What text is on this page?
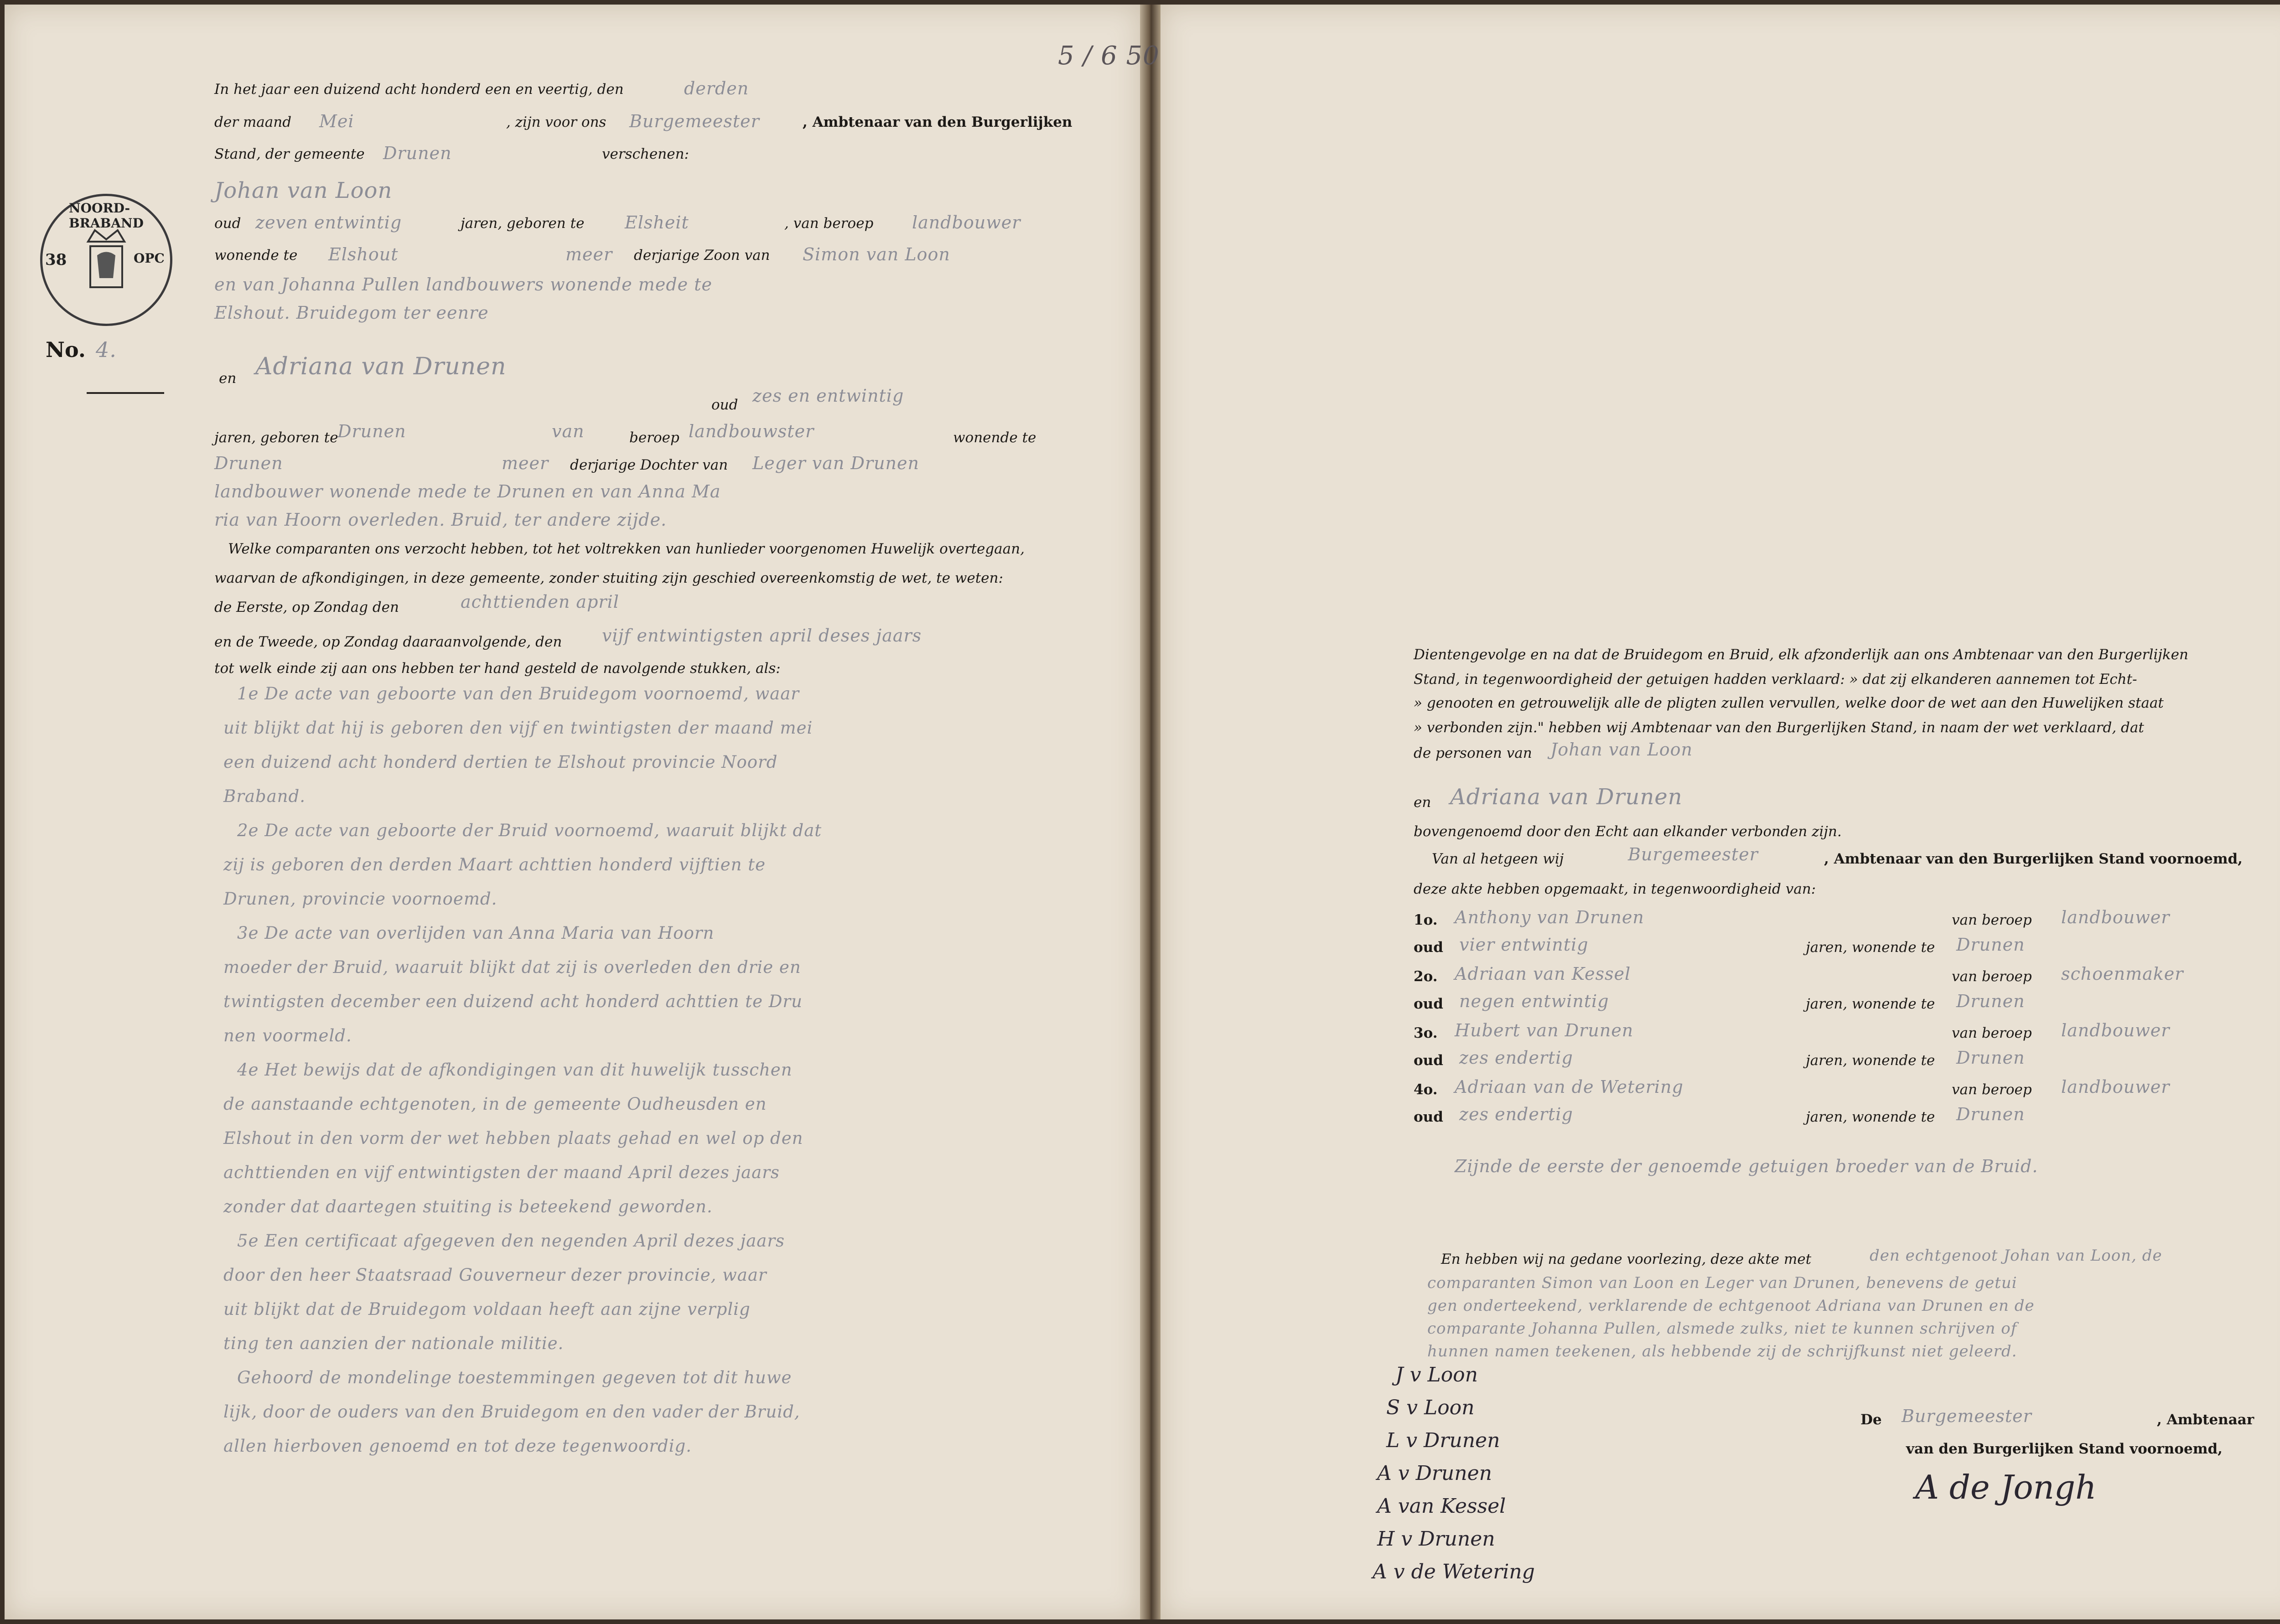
5 / 6 50
NOORD-BRABAND
38	OPC
No. 4.
In het jaar een duizend acht honderd een en veertig, den	derden
der maand Mei	, zijn voor ons Burgemeester	, Ambtenaar van den Burgerlijken
Stand, der gemeente Drunen	verschenen:
Johan van Loon
oud zeven entwintig	jaren, geboren te Elsheit	, van beroep landbouwer
wonende te Elshout	meer derjarige Zoon van Simon van Loon
en van Johanna Pullen landbouwers wonende mede te
Elshout. Bruidegom ter eenre
en Adriana van Drunen
oud zes en entwintig
jaren, geboren te
Drunen	van	beroep landbouwster	wonende te
Drunen	meer derjarige Dochter van Leger van Drunen
landbouwer wonende mede te Drunen en van Anna Ma
ria van Hoorn overleden. Bruid, ter andere zijde.
Welke comparanten ons verzocht hebben, tot het voltrekken van hunlieder voorgenomen Huwelijk overtegaan,
waarvan de afkondigingen, in deze gemeente, zonder stuiting zijn geschied overeenkomstig de wet, te weten:
de Eerste, op Zondag den	achttienden april
en de Tweede, op Zondag daaraanvolgende, den vijf entwintigsten april deses jaars
tot welk einde zij aan ons hebben ter hand gesteld de navolgende stukken, als:
1e De acte van geboorte van den Bruidegom voornoemd, waar
uit blijkt dat hij is geboren den vijf en twintigsten der maand mei
een duizend acht honderd dertien te Elshout provincie Noord
Braband.
2e De acte van geboorte der Bruid voornoemd, waaruit blijkt dat
zij is geboren den derden Maart achttien honderd vijftien te
Drunen, provincie voornoemd.
3e De acte van overlijden van Anna Maria van Hoorn
moeder der Bruid, waaruit blijkt dat zij is overleden den drie en
twintigsten december een duizend acht honderd achttien te Dru
nen voormeld.
4e Het bewijs dat de afkondigingen van dit huwelijk tusschen
de aanstaande echtgenoten, in de gemeente Oudheusden en
Elshout in den vorm der wet hebben plaats gehad en wel op den
achttienden en vijf entwintigsten der maand April dezes jaars
zonder dat daartegen stuiting is beteekend geworden.
5e Een certificaat afgegeven den negenden April dezes jaars
door den heer Staatsraad Gouverneur dezer provincie, waar
uit blijkt dat de Bruidegom voldaan heeft aan zijne verplig
ting ten aanzien der nationale militie.
Gehoord de mondelinge toestemmingen gegeven tot dit huwe
lijk, door de ouders van den Bruidegom en den vader der Bruid,
allen hierboven genoemd en tot deze tegenwoordig.
Dientengevolge en na dat de Bruidegom en Bruid, elk afzonderlijk aan ons Ambtenaar van den Burgerlijken
Stand, in tegenwoordigheid der getuigen hadden verklaard: » dat zij elkanderen aannemen tot Echt-
» genooten en getrouwelijk alle de pligten zullen vervullen, welke door de wet aan den Huwelijken staat
» verbonden zijn." hebben wij Ambtenaar van den Burgerlijken Stand, in naam der wet verklaard, dat
de personen van Johan van Loon
en Adriana van Drunen
bovengenoemd door den Echt aan elkander verbonden zijn.
Van al hetgeen wij	Burgemeester	, Ambtenaar van den Burgerlijken Stand voornoemd,
deze akte hebben opgemaakt, in tegenwoordigheid van:
1o. Anthony van Drunen	van beroep landbouwer
oud vier entwintig	jaren, wonende te Drunen
2o. Adriaan van Kessel	van beroep schoenmaker
oud negen entwintig	jaren, wonende te Drunen
3o. Hubert van Drunen	van beroep landbouwer
oud zes endertig	jaren, wonende te Drunen
4o. Adriaan van de Wetering	van beroep landbouwer
oud zes endertig	jaren, wonende te Drunen
Zijnde de eerste der genoemde getuigen broeder van de Bruid.
En hebben wij na gedane voorlezing, deze akte met	den echtgenoot Johan van Loon, de
comparanten Simon van Loon en Leger van Drunen, benevens de getui
gen onderteekend, verklarende de echtgenoot Adriana van Drunen en de
comparante Johanna Pullen, alsmede zulks, niet te kunnen schrijven of
hunnen namen teekenen, als hebbende zij de schrijfkunst niet geleerd.
De Burgemeester	, Ambtenaar
van den Burgerlijken Stand voornoemd,
J v Loon
S v Loon
L v Drunen
A v Drunen
A van Kessel
H v Drunen
A v de Wetering
A de Jongh
